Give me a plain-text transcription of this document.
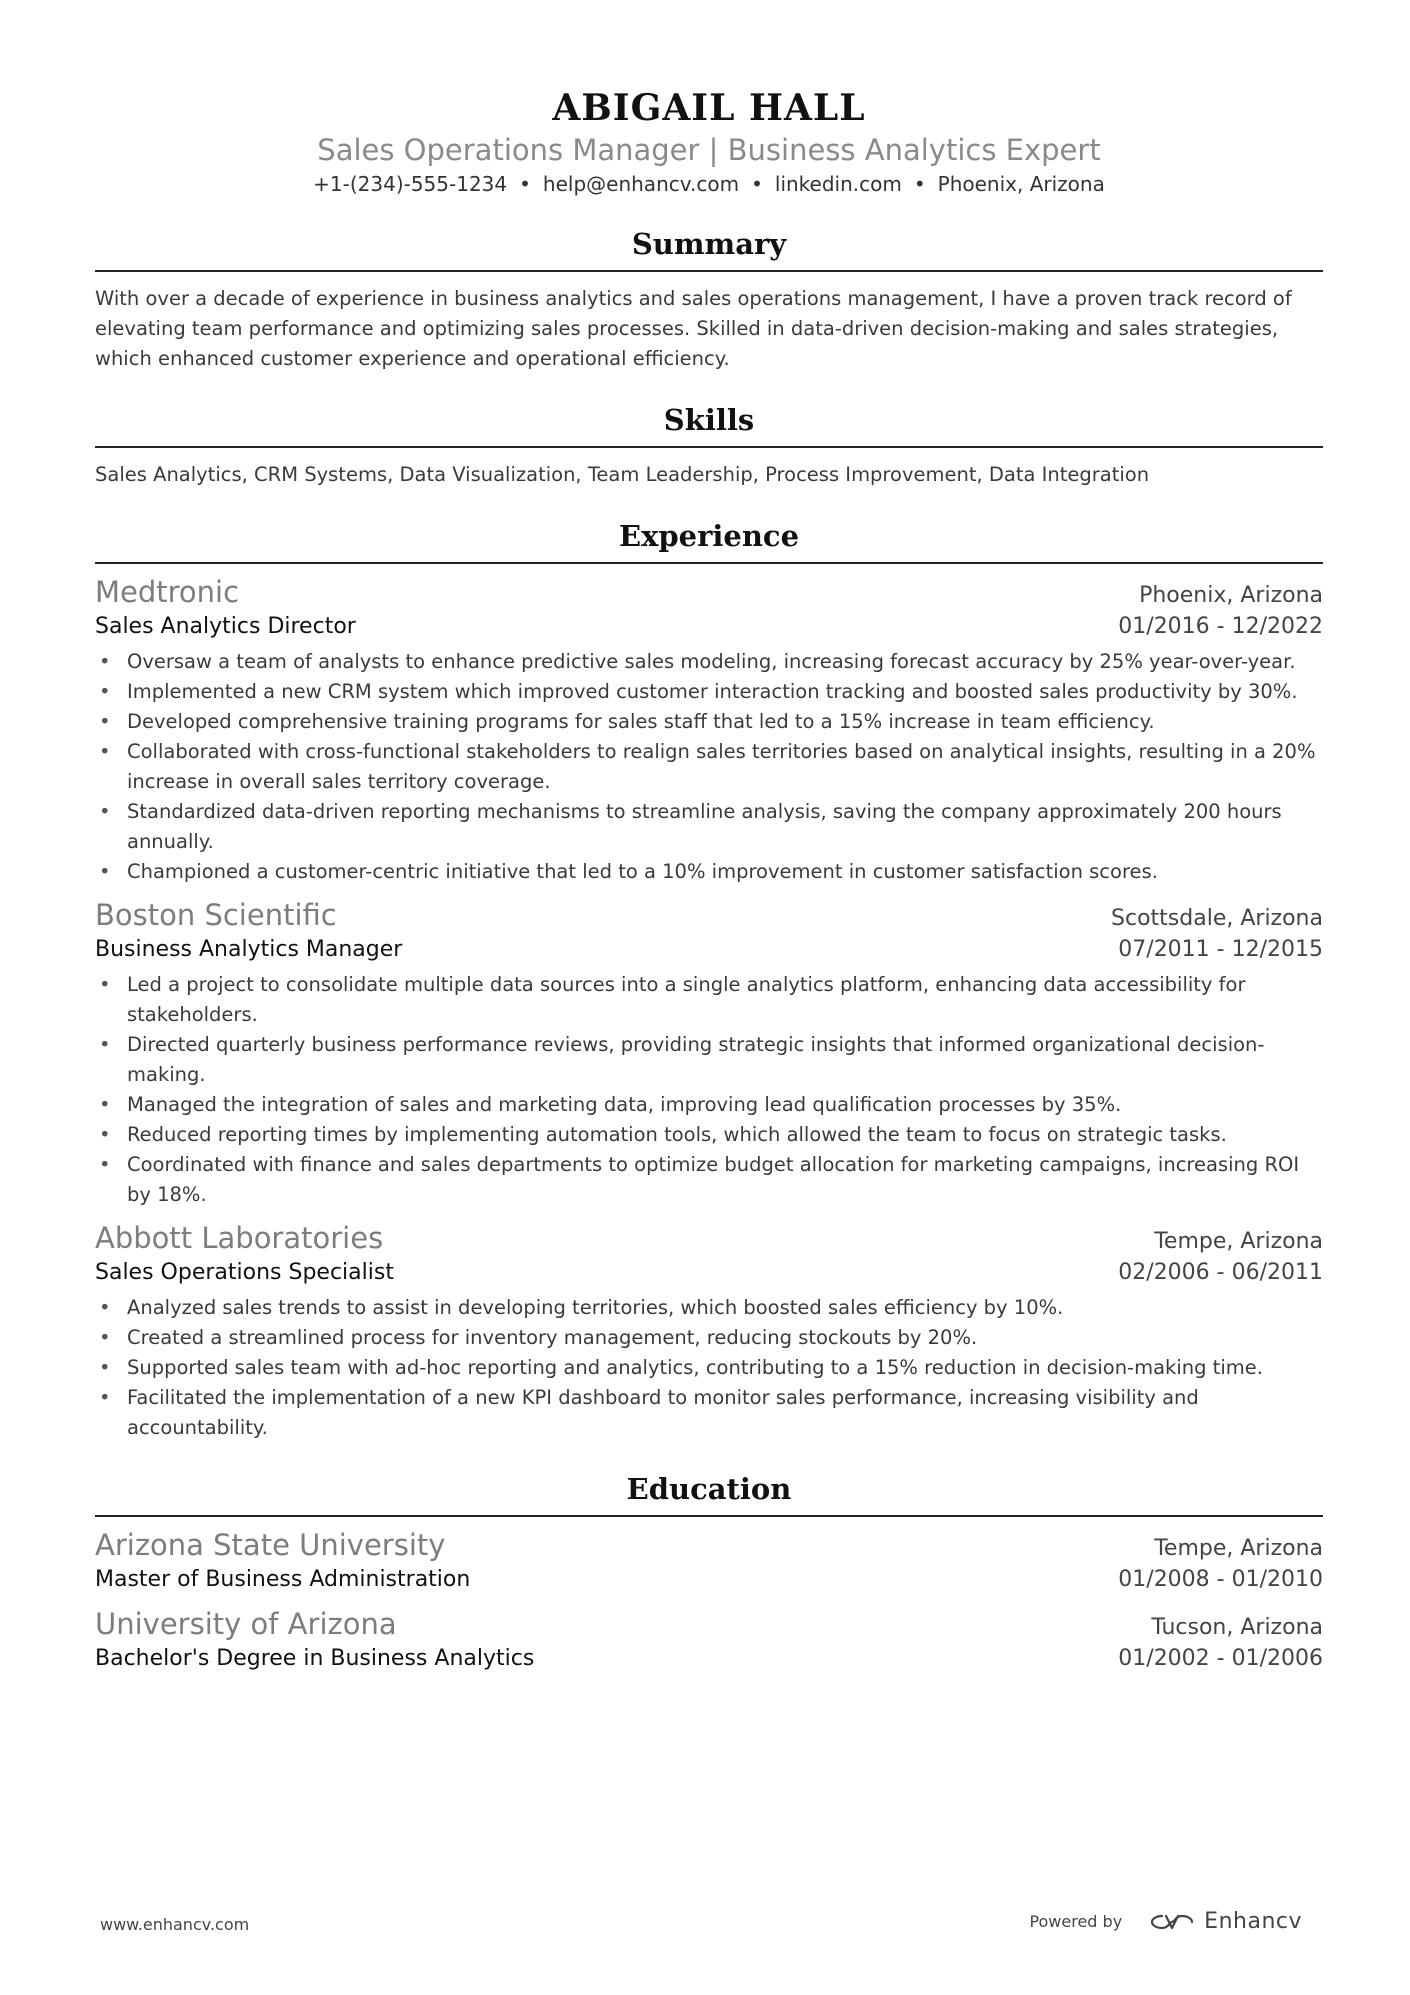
ABIGAIL HALL
Sales Operations Manager | Business Analytics Expert
+1-(234)-555-1234 • help@enhancv.com • linkedin.com • Phoenix, Arizona
Summary
With over a decade of experience in business analytics and sales operations management, I have a proven track record of elevating team performance and optimizing sales processes. Skilled in data-driven decision-making and sales strategies, which enhanced customer experience and operational efficiency.
Skills
Sales Analytics, CRM Systems, Data Visualization, Team Leadership, Process Improvement, Data Integration
Experience
Medtronic	Phoenix, Arizona
Sales Analytics Director	01/2016 - 12/2022
• Oversaw a team of analysts to enhance predictive sales modeling, increasing forecast accuracy by 25% year-over-year.
• Implemented a new CRM system which improved customer interaction tracking and boosted sales productivity by 30%.
• Developed comprehensive training programs for sales staff that led to a 15% increase in team efficiency.
• Collaborated with cross-functional stakeholders to realign sales territories based on analytical insights, resulting in a 20% increase in overall sales territory coverage.
• Standardized data-driven reporting mechanisms to streamline analysis, saving the company approximately 200 hours annually.
• Championed a customer-centric initiative that led to a 10% improvement in customer satisfaction scores.
Boston Scientific	Scottsdale, Arizona
Business Analytics Manager	07/2011 - 12/2015
• Led a project to consolidate multiple data sources into a single analytics platform, enhancing data accessibility for stakeholders.
• Directed quarterly business performance reviews, providing strategic insights that informed organizational decision-making.
• Managed the integration of sales and marketing data, improving lead qualification processes by 35%.
• Reduced reporting times by implementing automation tools, which allowed the team to focus on strategic tasks.
• Coordinated with finance and sales departments to optimize budget allocation for marketing campaigns, increasing ROI by 18%.
Abbott Laboratories	Tempe, Arizona
Sales Operations Specialist	02/2006 - 06/2011
• Analyzed sales trends to assist in developing territories, which boosted sales efficiency by 10%.
• Created a streamlined process for inventory management, reducing stockouts by 20%.
• Supported sales team with ad-hoc reporting and analytics, contributing to a 15% reduction in decision-making time.
• Facilitated the implementation of a new KPI dashboard to monitor sales performance, increasing visibility and accountability.
Education
Arizona State University	Tempe, Arizona
Master of Business Administration	01/2008 - 01/2010
University of Arizona	Tucson, Arizona
Bachelor's Degree in Business Analytics	01/2002 - 01/2006
www.enhancv.com	Powered by	Enhancv
